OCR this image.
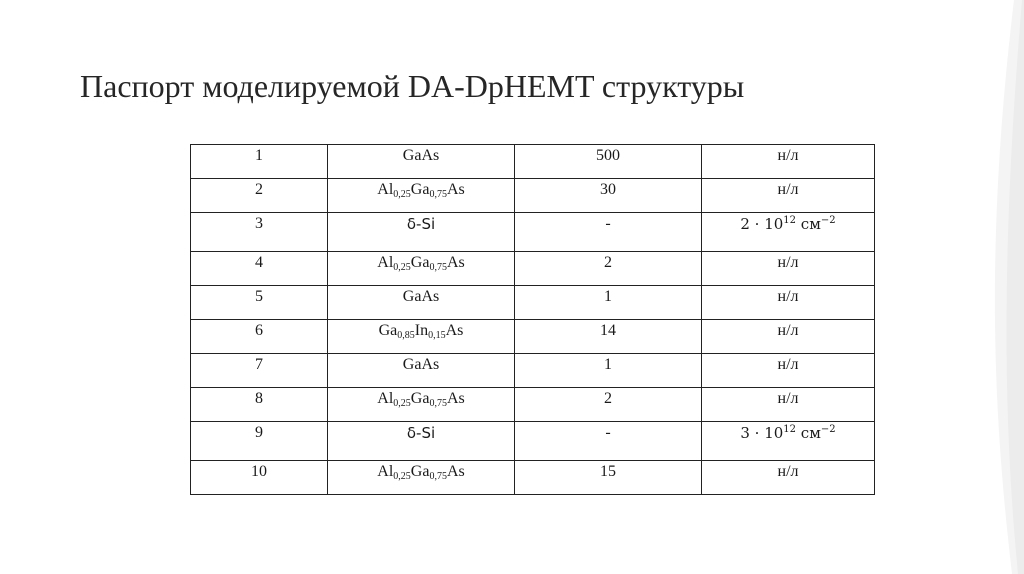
Паспорт моделируемой DA-DpHEMT структуры
1	GaAs	500	н/л
2	$Al_{0,25}Ga_{0,75}As$	30	н/л
3	δ-Si	-	$2 \cdot 10^{12}$ $см^{-2}$
4	$Al_{0,25}Ga_{0,75}As$	2	н/л
5	GaAs	1	н/л
6	$Ga_{0,85}In_{0,15}As$	14	н/л
7	GaAs	1	н/л
8	$Al_{0,25}Ga_{0,75}As$	2	н/л
9	δ-Si	-	$3 \cdot 10^{12}$ $см^{-2}$
10	$Al_{0,25}Ga_{0,75}As$	15	н/л
